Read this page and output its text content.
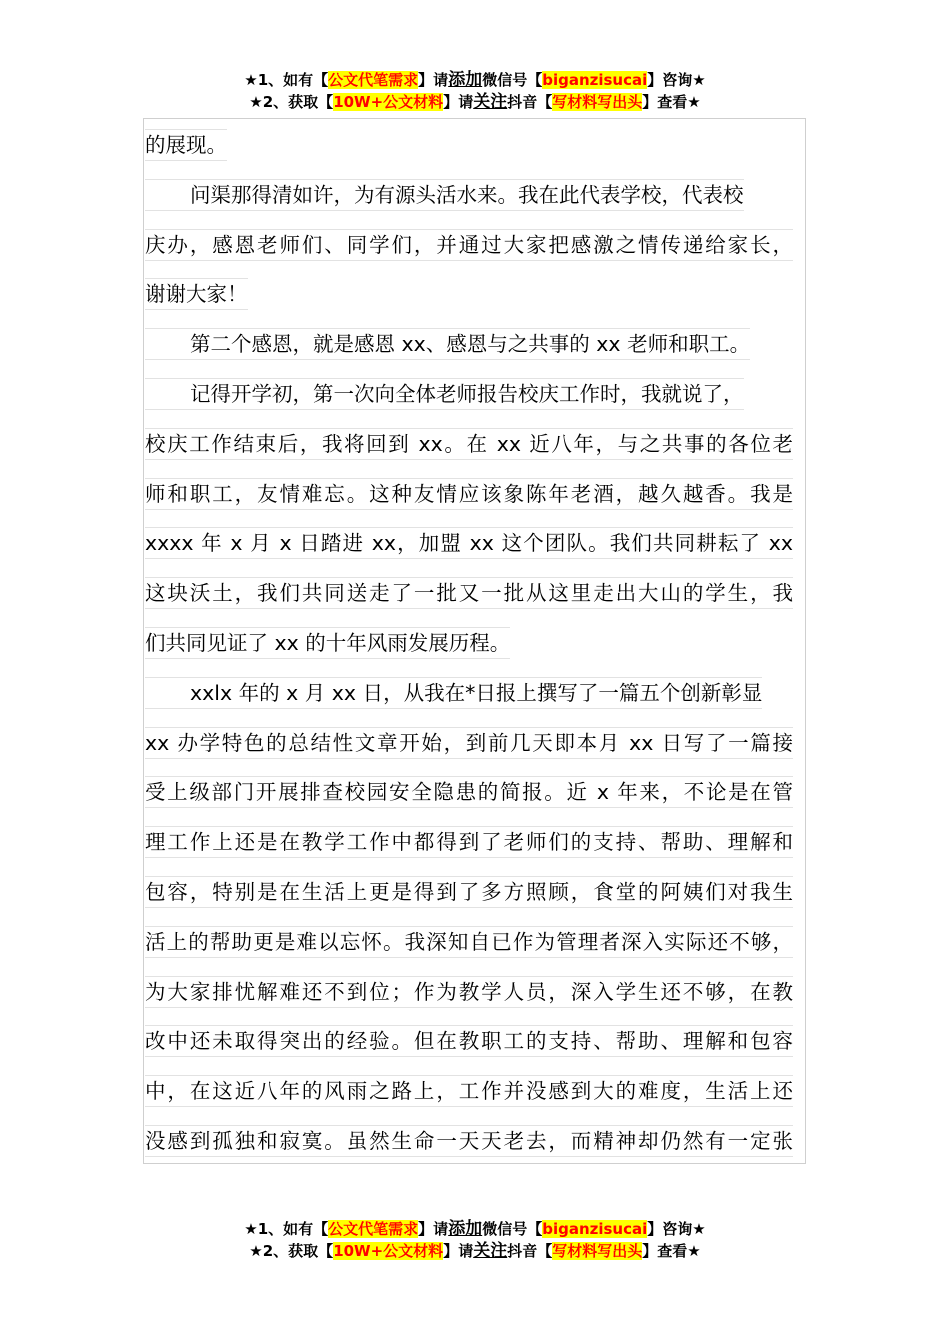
★1、如有【公文代笔需求】请添加微信号【biganzisucai】咨询★
★2、获取【10W+公文材料】请关注抖音【写材料写出头】查看★
的展现。
问渠那得清如许，为有源头活水来。我在此代表学校，代表校
庆办，感恩老师们、同学们，并通过大家把感激之情传递给家长，
谢谢大家！
第二个感恩，就是感恩 xx、感恩与之共事的 xx 老师和职工。
记得开学初，第一次向全体老师报告校庆工作时，我就说了，
校庆工作结束后，我将回到 xx。在 xx 近八年，与之共事的各位老
师和职工，友情难忘。这种友情应该象陈年老酒，越久越香。我是
xxxx 年 x 月 x 日踏进 xx，加盟 xx 这个团队。我们共同耕耘了 xx
这块沃土，我们共同送走了一批又一批从这里走出大山的学生，我
们共同见证了 xx 的十年风雨发展历程。
xxlx 年的 x 月 xx 日，从我在*日报上撰写了一篇五个创新彰显
xx 办学特色的总结性文章开始，到前几天即本月 xx 日写了一篇接
受上级部门开展排查校园安全隐患的简报。近 x 年来，不论是在管
理工作上还是在教学工作中都得到了老师们的支持、帮助、理解和
包容，特别是在生活上更是得到了多方照顾，食堂的阿姨们对我生
活上的帮助更是难以忘怀。我深知自已作为管理者深入实际还不够，
为大家排忧解难还不到位；作为教学人员，深入学生还不够，在教
改中还未取得突出的经验。但在教职工的支持、帮助、理解和包容
中，在这近八年的风雨之路上，工作并没感到大的难度，生活上还
没感到孤独和寂寞。虽然生命一天天老去，而精神却仍然有一定张
★1、如有【公文代笔需求】请添加微信号【biganzisucai】咨询★
★2、获取【10W+公文材料】请关注抖音【写材料写出头】查看★
